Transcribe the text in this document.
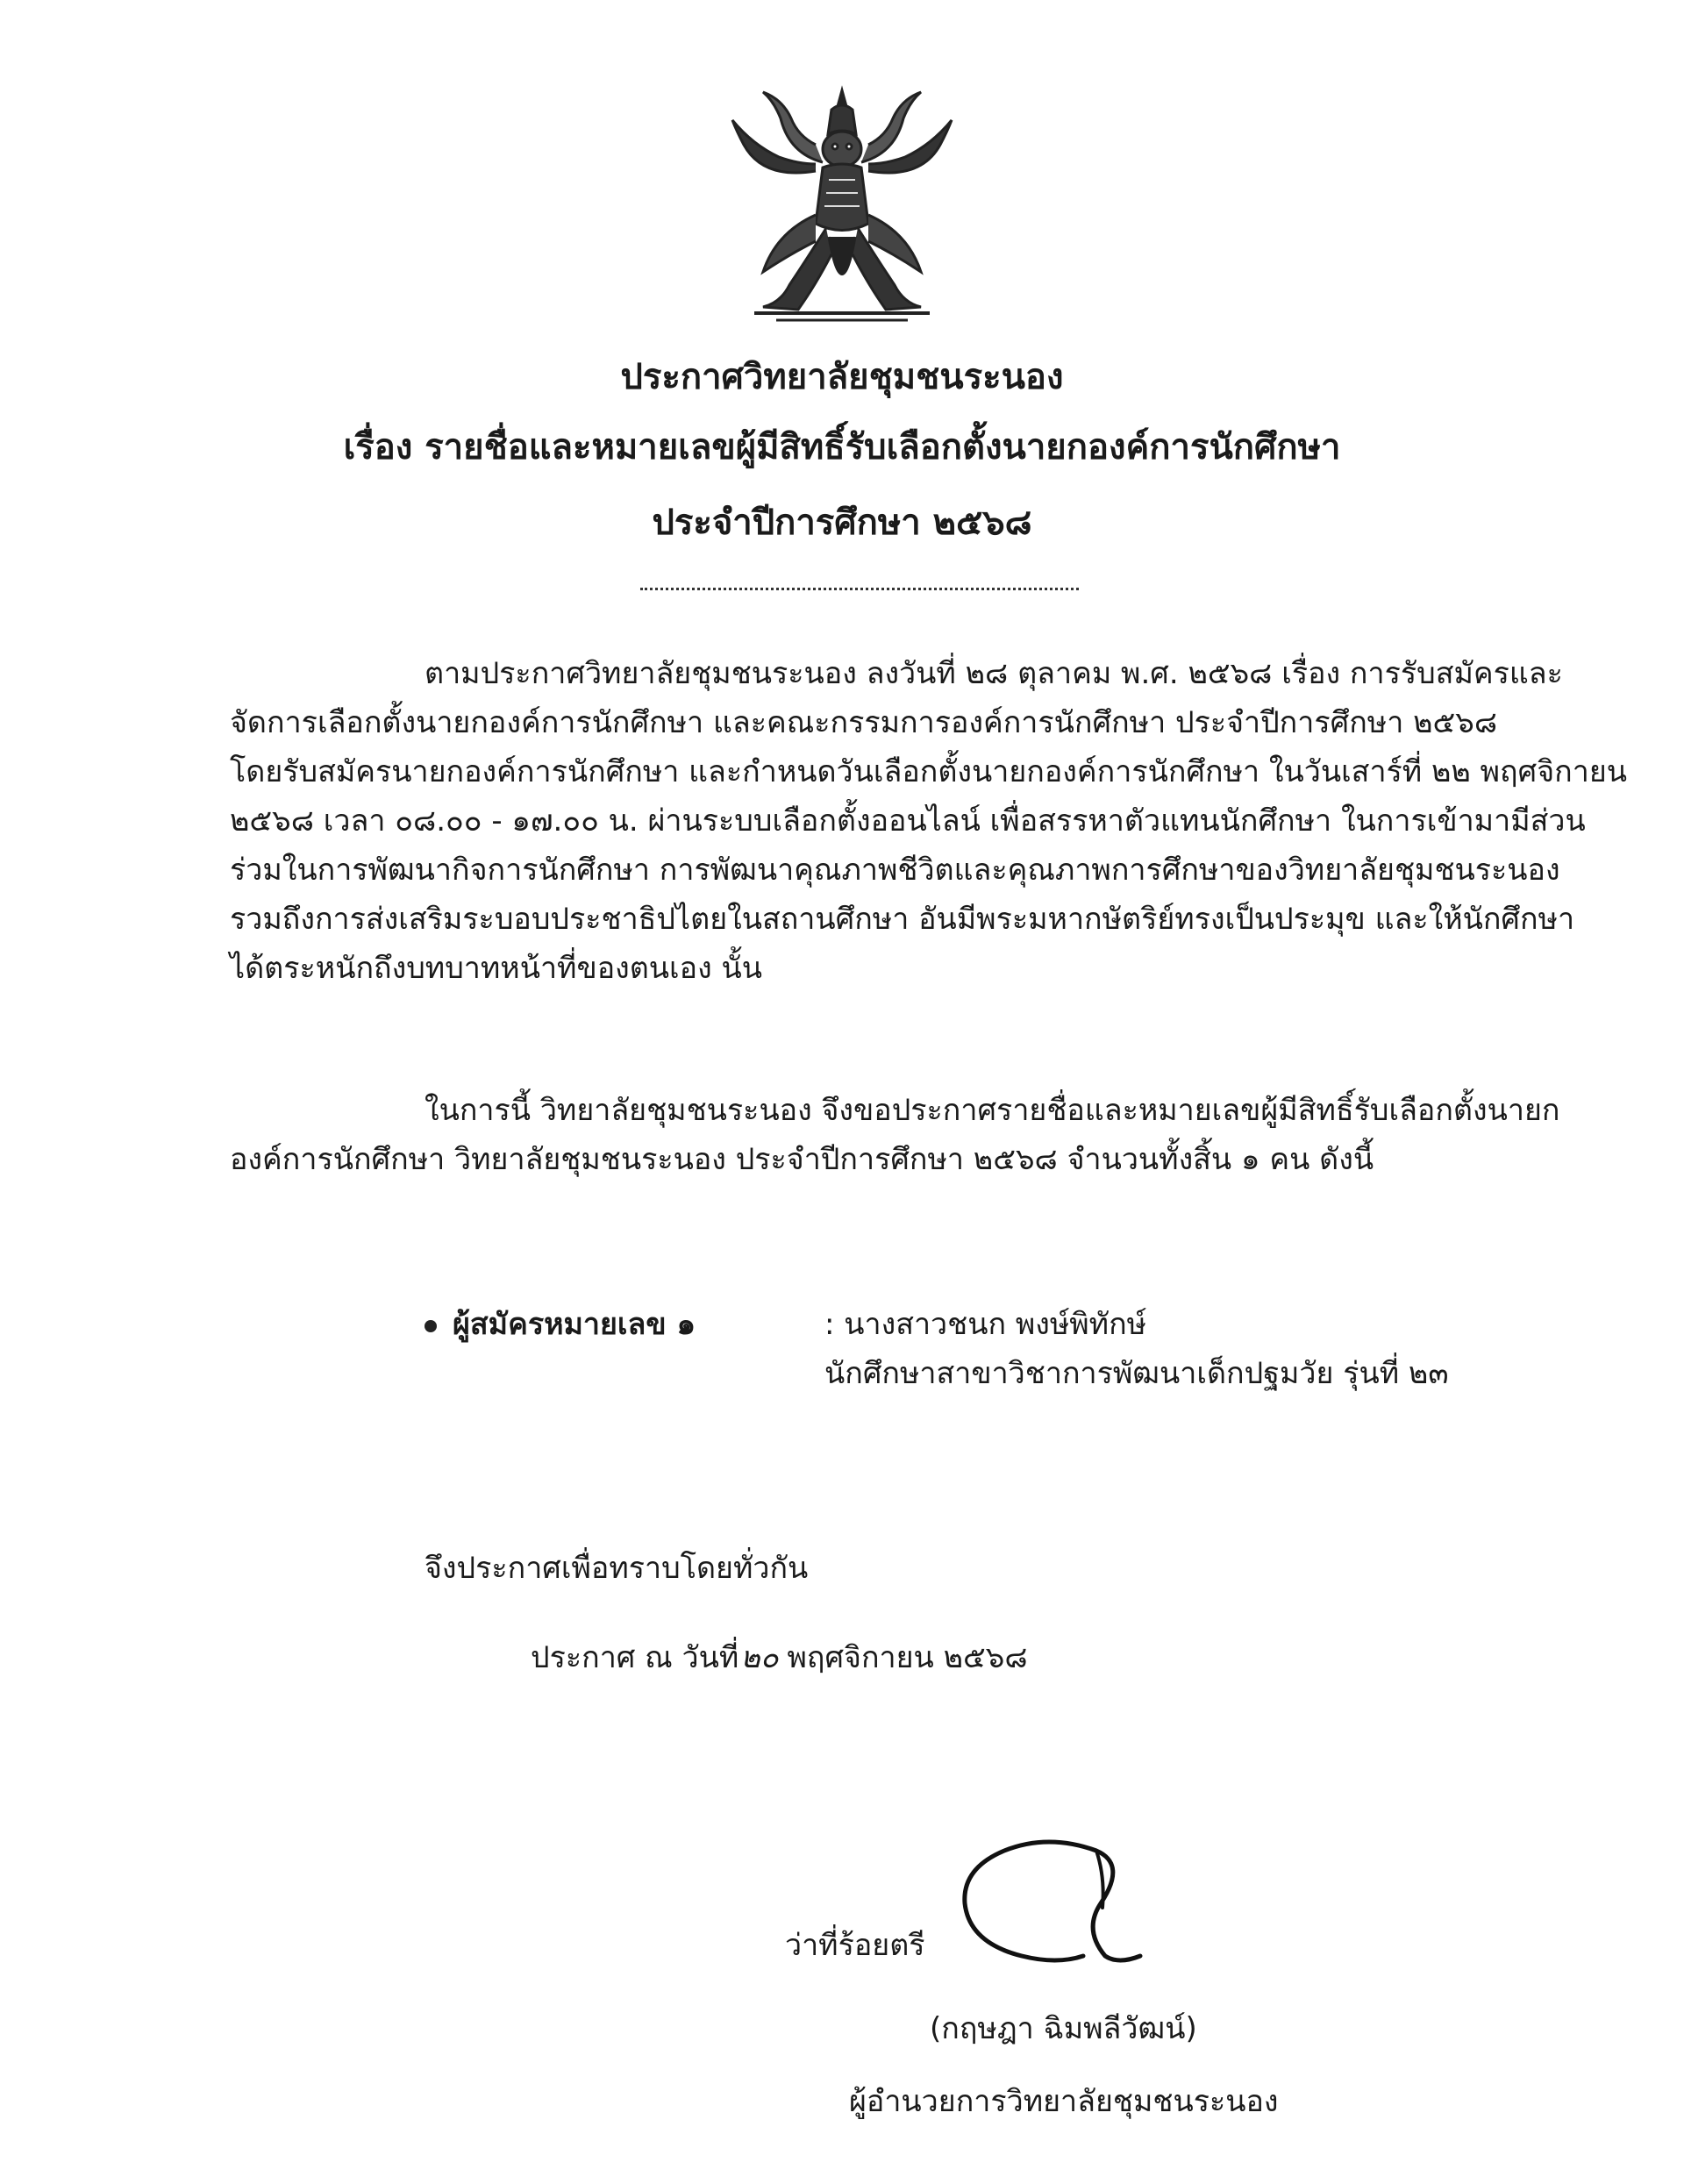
ประกาศวิทยาลัยชุมชนระนอง
เรื่อง รายชื่อและหมายเลขผู้มีสิทธิ์รับเลือกตั้งนายกองค์การนักศึกษา
ประจำปีการศึกษา ๒๕๖๘
ตามประกาศวิทยาลัยชุมชนระนอง ลงวันที่ ๒๘ ตุลาคม พ.ศ. ๒๕๖๘ เรื่อง การรับสมัครและ
จัดการเลือกตั้งนายกองค์การนักศึกษา และคณะกรรมการองค์การนักศึกษา ประจำปีการศึกษา ๒๕๖๘
โดยรับสมัครนายกองค์การนักศึกษา และกำหนดวันเลือกตั้งนายกองค์การนักศึกษา ในวันเสาร์ที่ ๒๒ พฤศจิกายน
๒๕๖๘ เวลา ๐๘.๐๐ - ๑๗.๐๐ น. ผ่านระบบเลือกตั้งออนไลน์ เพื่อสรรหาตัวแทนนักศึกษา ในการเข้ามามีส่วน
ร่วมในการพัฒนากิจการนักศึกษา การพัฒนาคุณภาพชีวิตและคุณภาพการศึกษาของวิทยาลัยชุมชนระนอง
รวมถึงการส่งเสริมระบอบประชาธิปไตยในสถานศึกษา อันมีพระมหากษัตริย์ทรงเป็นประมุข และให้นักศึกษา
ได้ตระหนักถึงบทบาทหน้าที่ของตนเอง นั้น
ในการนี้ วิทยาลัยชุมชนระนอง จึงขอประกาศรายชื่อและหมายเลขผู้มีสิทธิ์รับเลือกตั้งนายก
องค์การนักศึกษา วิทยาลัยชุมชนระนอง ประจำปีการศึกษา ๒๕๖๘ จำนวนทั้งสิ้น ๑ คน ดังนี้
ผู้สมัครหมายเลข ๑	: นางสาวชนก พงษ์พิทักษ์
นักศึกษาสาขาวิชาการพัฒนาเด็กปฐมวัย รุ่นที่ ๒๓
จึงประกาศเพื่อทราบโดยทั่วกัน
ประกาศ ณ วันที่๒๐ พฤศจิกายน ๒๕๖๘
ว่าที่ร้อยตรี
(กฤษฎา ฉิมพลีวัฒน์)
ผู้อำนวยการวิทยาลัยชุมชนระนอง
